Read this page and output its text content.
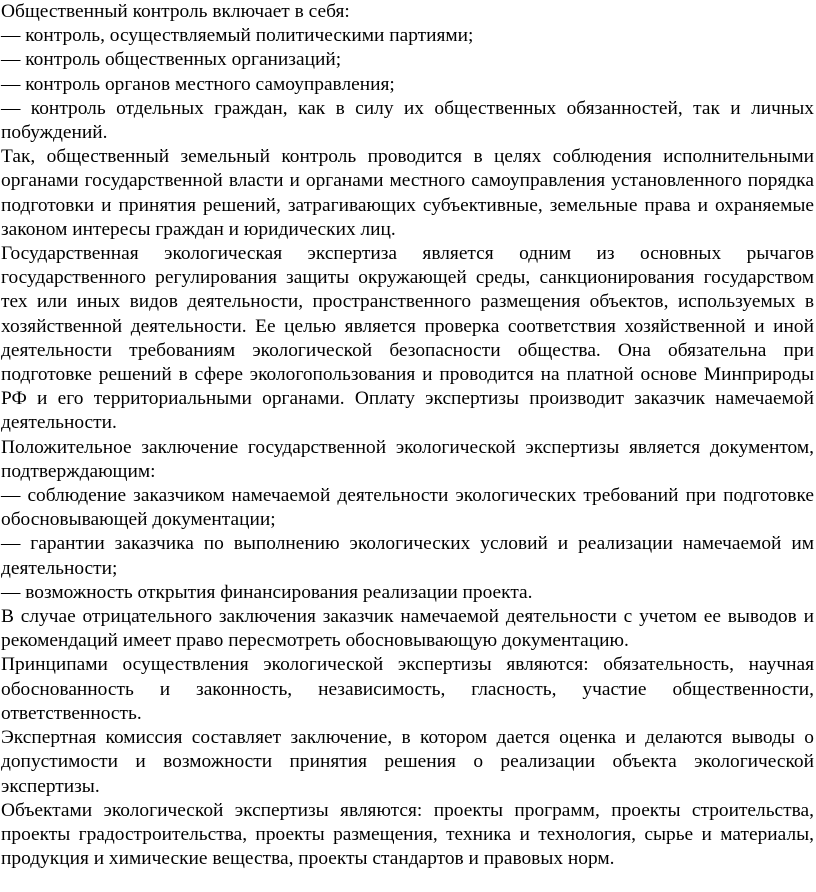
Общественный контроль включает в себя:

— контроль, осуществляемый политическими партиями;

— контроль общественных организаций;

— контроль органов местного самоуправления;

— контроль отдельных граждан, как в силу их общественных обязанностей, так и личных побуждений.

Так, общественный земельный контроль проводится в целях соблюдения исполнительными органами государственной власти и органами местного самоуправления установленного порядка подготовки и принятия решений, затрагивающих субъективные, земельные права и охраняемые законом интересы граждан и юридических лиц.

Государственная экологическая экспертиза является одним из основных рычагов государственного регулирования защиты окружающей среды, санкционирования государством тех или иных видов деятельности, пространственного размещения объектов, используемых в хозяйственной деятельности. Ее целью является проверка соответствия хозяйственной и иной деятельности требованиям экологической безопасности общества. Она обязательна при подготовке решений в сфере экологопользования и проводится на платной основе Минприроды РФ и его территориальными органами. Оплату экспертизы производит заказчик намечаемой деятельности.

Положительное заключение государственной экологической экспертизы является документом, подтверждающим:

— соблюдение заказчиком намечаемой деятельности экологических требований при подготовке обосновывающей документации;

— гарантии заказчика по выполнению экологических условий и реализации намечаемой им деятельности;

— возможность открытия финансирования реализации проекта.

В случае отрицательного заключения заказчик намечаемой деятельности с учетом ее выводов и рекомендаций имеет право пересмотреть обосновывающую документацию.

Принципами осуществления экологической экспертизы являются: обязательность, научная обоснованность и законность, независимость, гласность, участие общественности, ответственность.

Экспертная комиссия составляет заключение, в котором дается оценка и делаются выводы о допустимости и возможности принятия решения о реализации объекта экологической экспертизы.

Объектами экологической экспертизы являются: проекты программ, проекты строительства, проекты градостроительства, проекты размещения, техника и технология, сырье и материалы, продукция и химические вещества, проекты стандартов и правовых норм.
